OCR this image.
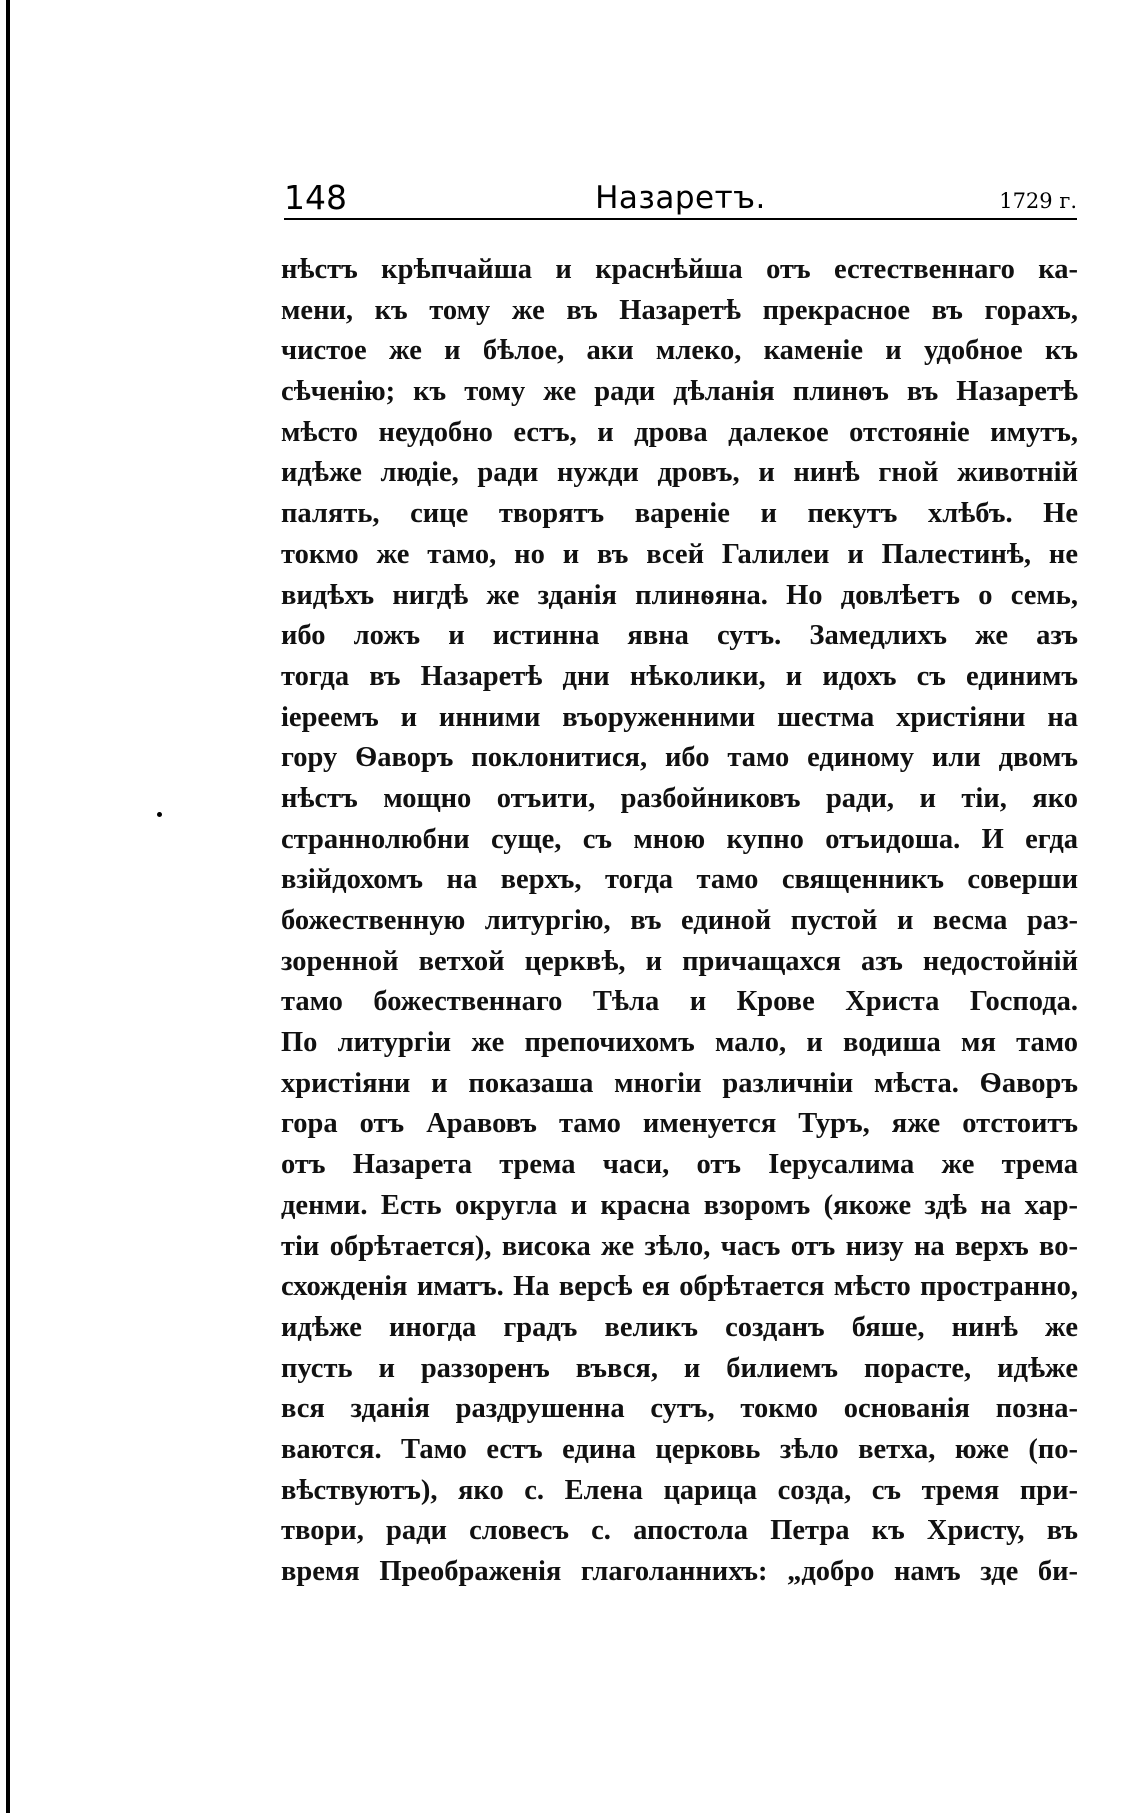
148	Назаретъ.	1729 г.
нѣстъ крѣпчайша и краснѣйша отъ естественнаго ка-
мени, къ тому же въ Назаретѣ прекрасное въ горахъ,
чистое же и бѣлое, аки млеко, каменіе и удобное къ
сѣченію; къ тому же ради дѣланія плинѳъ въ Назаретѣ
мѣсто неудобно естъ, и дрова далекое отстояніе имутъ,
идѣже людіе, ради нужди дровъ, и нинѣ гной животній
палять, сице творятъ вареніе и пекутъ хлѣбъ. Не
токмо же тамо, но и въ всей Галилеи и Палестинѣ, не
видѣхъ нигдѣ же зданія плинѳяна. Но довлѣетъ о семь,
ибо ложъ и истинна явна сутъ. Замедлихъ же азъ
тогда въ Назаретѣ дни нѣколики, и идохъ съ единимъ
іереемъ и инними въоруженними шестма христіяни на
гору Ѳаворъ поклонитися, ибо тамо единому или двомъ
нѣстъ мощно отъити, разбойниковъ ради, и тіи, яко
страннолюбни суще, съ мною купно отъидоша. И егда
взійдохомъ на верхъ, тогда тамо священникъ соверши
божественную литургію, въ единой пустой и весма раз-
зоренной ветхой церквѣ, и причащахся азъ недостойній
тамо божественнаго Тѣла и Крове Христа Господа.
По литургіи же препочихомъ мало, и водиша мя тамо
христіяни и показаша многіи различніи мѣста. Ѳаворъ
гора отъ Аравовъ тамо именуется Туръ, яже отстоитъ
отъ Назарета трема часи, отъ Іерусалима же трема
денми. Есть округла и красна взоромъ (якоже здѣ на хар-
тіи обрѣтается), висока же зѣло, часъ отъ низу на верхъ во-
схожденія иматъ. На версѣ ея обрѣтается мѣсто пространно,
идѣже иногда градъ великъ созданъ бяше, нинѣ же
пусть и раззоренъ въвся, и билиемъ порасте, идѣже
вся зданія раздрушенна сутъ, токмо основанія позна-
ваются. Тамо естъ едина церковь зѣло ветха, юже (по-
вѣствуютъ), яко с. Елена царица созда, съ тремя при-
твори, ради словесъ с. апостола Петра къ Христу, въ
время Преображенія глаголаннихъ: „добро намъ зде би-
